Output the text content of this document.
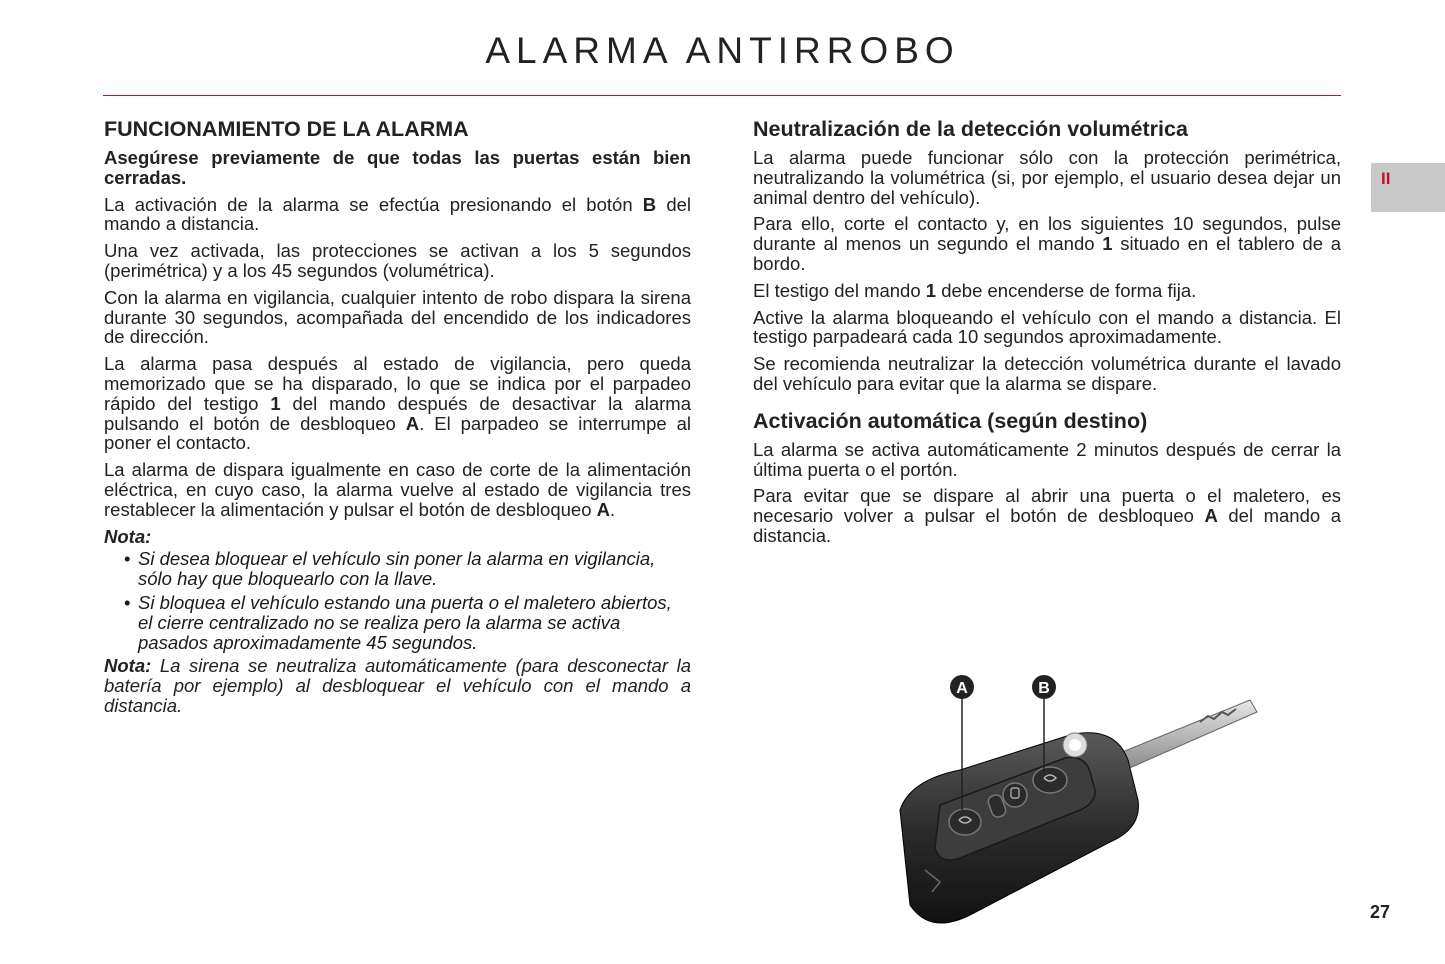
ALARMA ANTIRROBO
II
FUNCIONAMIENTO DE LA ALARMA

Asegúrese previamente de que todas las puertas están bien cerradas.

La activación de la alarma se efectúa presionando el botón B del mando a distancia.

Una vez activada, las protecciones se activan a los 5 segundos (perimétrica) y a los 45 segundos (volumétrica).

Con la alarma en vigilancia, cualquier intento de robo dispara la sirena durante 30 segundos, acompañada del encendido de los indicadores de dirección.

La alarma pasa después al estado de vigilancia, pero queda memorizado que se ha disparado, lo que se indica por el parpadeo rápido del testigo 1 del mando después de desactivar la alarma pulsando el botón de desbloqueo A. El parpadeo se interrumpe al poner el contacto.

La alarma de dispara igualmente en caso de corte de la alimentación eléctrica, en cuyo caso, la alarma vuelve al estado de vigilancia tres restablecer la alimentación y pulsar el botón de desbloqueo A.

Nota:

• Si desea bloquear el vehículo sin poner la alarma en vigilancia, sólo hay que bloquearlo con la llave.
• Si bloquea el vehículo estando una puerta o el maletero abiertos, el cierre centralizado no se realiza pero la alarma se activa pasados aproximadamente 45 segundos.

Nota: La sirena se neutraliza automáticamente (para desconectar la batería por ejemplo) al desbloquear el vehículo con el mando a distancia.

Neutralización de la detección volumétrica

La alarma puede funcionar sólo con la protección perimétrica, neutralizando la volumétrica (si, por ejemplo, el usuario desea dejar un animal dentro del vehículo).

Para ello, corte el contacto y, en los siguientes 10 segundos, pulse durante al menos un segundo el mando 1 situado en el tablero de a bordo.

El testigo del mando 1 debe encenderse de forma fija.

Active la alarma bloqueando el vehículo con el mando a distancia. El testigo parpadeará cada 10 segundos aproximadamente.

Se recomienda neutralizar la detección volumétrica durante el lavado del vehículo para evitar que la alarma se dispare.

Activación automática (según destino)

La alarma se activa automáticamente 2 minutos después de cerrar la última puerta o el portón.

Para evitar que se dispare al abrir una puerta o el maletero, es necesario volver a pulsar el botón de desbloqueo A del mando a distancia.

A	B
27
